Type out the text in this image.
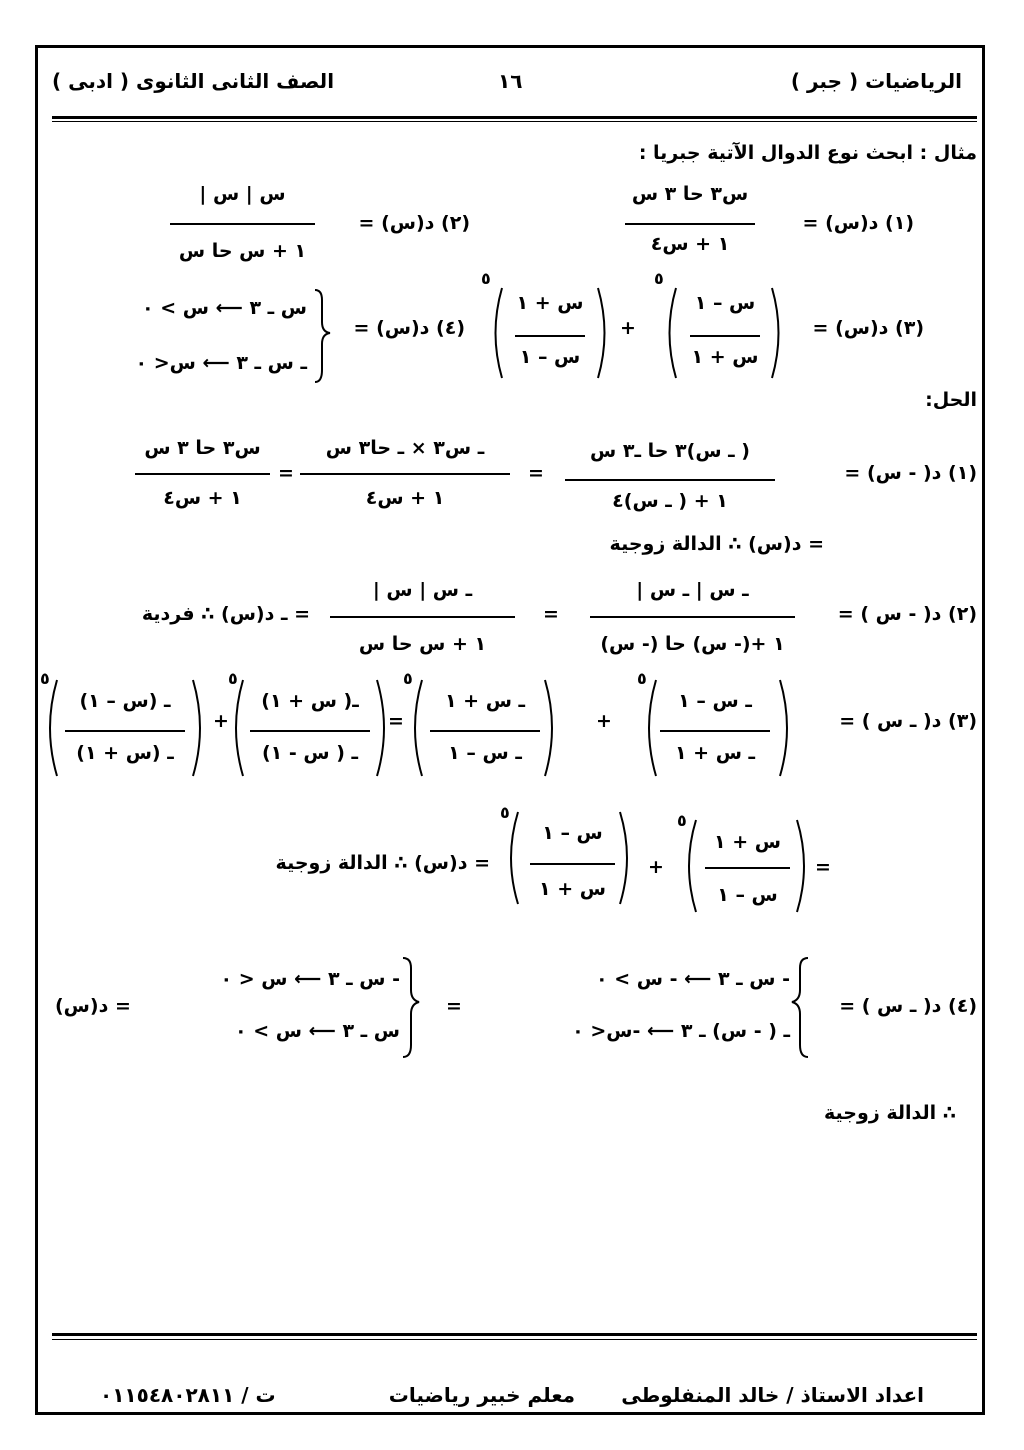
الرياضيات ( جبر )
١٦
الصف الثانى الثانوى ( ادبى )
مثال : ابحث نوع الدوال الآتية جبريا :
(١) د(س) =
س٣ حا ٣ س
١ + س٤
(٢) د(س) =
س | س |
١ + س حا س
(٣) د(س) =
س – ١
س + ١
+
س + ١
س – ١
٥
٥
(٤) د(س) =
س ـ ٣ ⟵ س > ٠
ـ س ـ ٣ ⟵ س< ٠
الحل:
(١) د( - س) =
( ـ س)٣ حا ـ٣ س
١ + ( ـ س)٤
=
ـ س٣ × ـ حا٣ س
١ + س٤
=
س٣ حا ٣ س
١ + س٤
= د(س) ∴ الدالة زوجية
(٢) د( - س ) =
ـ س | ـ س |
١ +(- س) حا (- س)
=
ـ س | س |
١ + س حا س
= ـ د(س) ∴ فردية
(٣) د( ـ س ) =
ـ س – ١
ـ س + ١
+
ـ س + ١
ـ س – ١
=
ـ( س + ١)
ـ ( س - ١)
+
ـ (س – ١)
ـ (س + ١)
٥
٥
٥
٥
=
س + ١
س – ١
+
س – ١
س + ١
٥
٥
= د(س) ∴ الدالة زوجية
(٤) د( ـ س ) =
- س ـ ٣ ⟵ - س > ٠
ـ ( - س) ـ ٣ ⟵ -س< ٠
=
- س ـ ٣ ⟵ س < ٠
س ـ ٣ ⟵ س > ٠
= د(س)
∴ الدالة زوجية
اعداد الاستاذ / خالد المنفلوطى
معلم خبير رياضيات
ت / ٠١١٥٤٨٠٢٨١١
